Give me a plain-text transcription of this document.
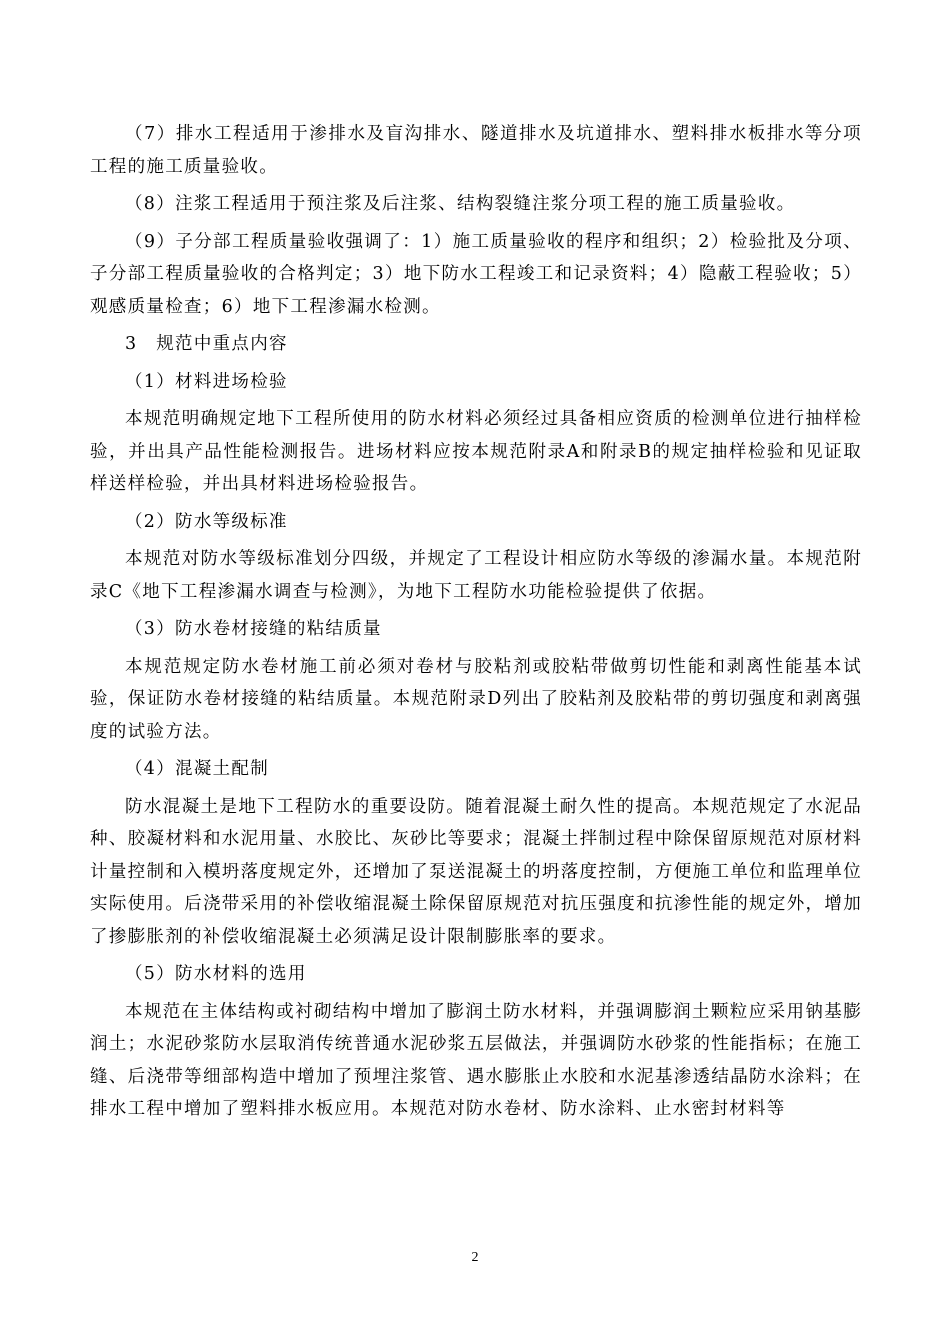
（7）排水工程适用于渗排水及盲沟排水、隧道排水及坑道排水、塑料排水板排水等分项工程的施工质量验收。

（8）注浆工程适用于预注浆及后注浆、结构裂缝注浆分项工程的施工质量验收。

（9）子分部工程质量验收强调了：1）施工质量验收的程序和组织；2）检验批及分项、子分部工程质量验收的合格判定；3）地下防水工程竣工和记录资料；4）隐蔽工程验收；5）观感质量检查；6）地下工程渗漏水检测。

3　规范中重点内容

（1）材料进场检验

本规范明确规定地下工程所使用的防水材料必须经过具备相应资质的检测单位进行抽样检验，并出具产品性能检测报告。进场材料应按本规范附录A和附录B的规定抽样检验和见证取样送样检验，并出具材料进场检验报告。

（2）防水等级标准

本规范对防水等级标准划分四级，并规定了工程设计相应防水等级的渗漏水量。本规范附录C《地下工程渗漏水调查与检测》，为地下工程防水功能检验提供了依据。

（3）防水卷材接缝的粘结质量

本规范规定防水卷材施工前必须对卷材与胶粘剂或胶粘带做剪切性能和剥离性能基本试验，保证防水卷材接缝的粘结质量。本规范附录D列出了胶粘剂及胶粘带的剪切强度和剥离强度的试验方法。

（4）混凝土配制

防水混凝土是地下工程防水的重要设防。随着混凝土耐久性的提高。本规范规定了水泥品种、胶凝材料和水泥用量、水胶比、灰砂比等要求；混凝土拌制过程中除保留原规范对原材料计量控制和入模坍落度规定外，还增加了泵送混凝土的坍落度控制，方便施工单位和监理单位实际使用。后浇带采用的补偿收缩混凝土除保留原规范对抗压强度和抗渗性能的规定外，增加了掺膨胀剂的补偿收缩混凝土必须满足设计限制膨胀率的要求。

（5）防水材料的选用

本规范在主体结构或衬砌结构中增加了膨润土防水材料，并强调膨润土颗粒应采用钠基膨润土；水泥砂浆防水层取消传统普通水泥砂浆五层做法，并强调防水砂浆的性能指标；在施工缝、后浇带等细部构造中增加了预埋注浆管、遇水膨胀止水胶和水泥基渗透结晶防水涂料；在排水工程中增加了塑料排水板应用。本规范对防水卷材、防水涂料、止水密封材料等

2
